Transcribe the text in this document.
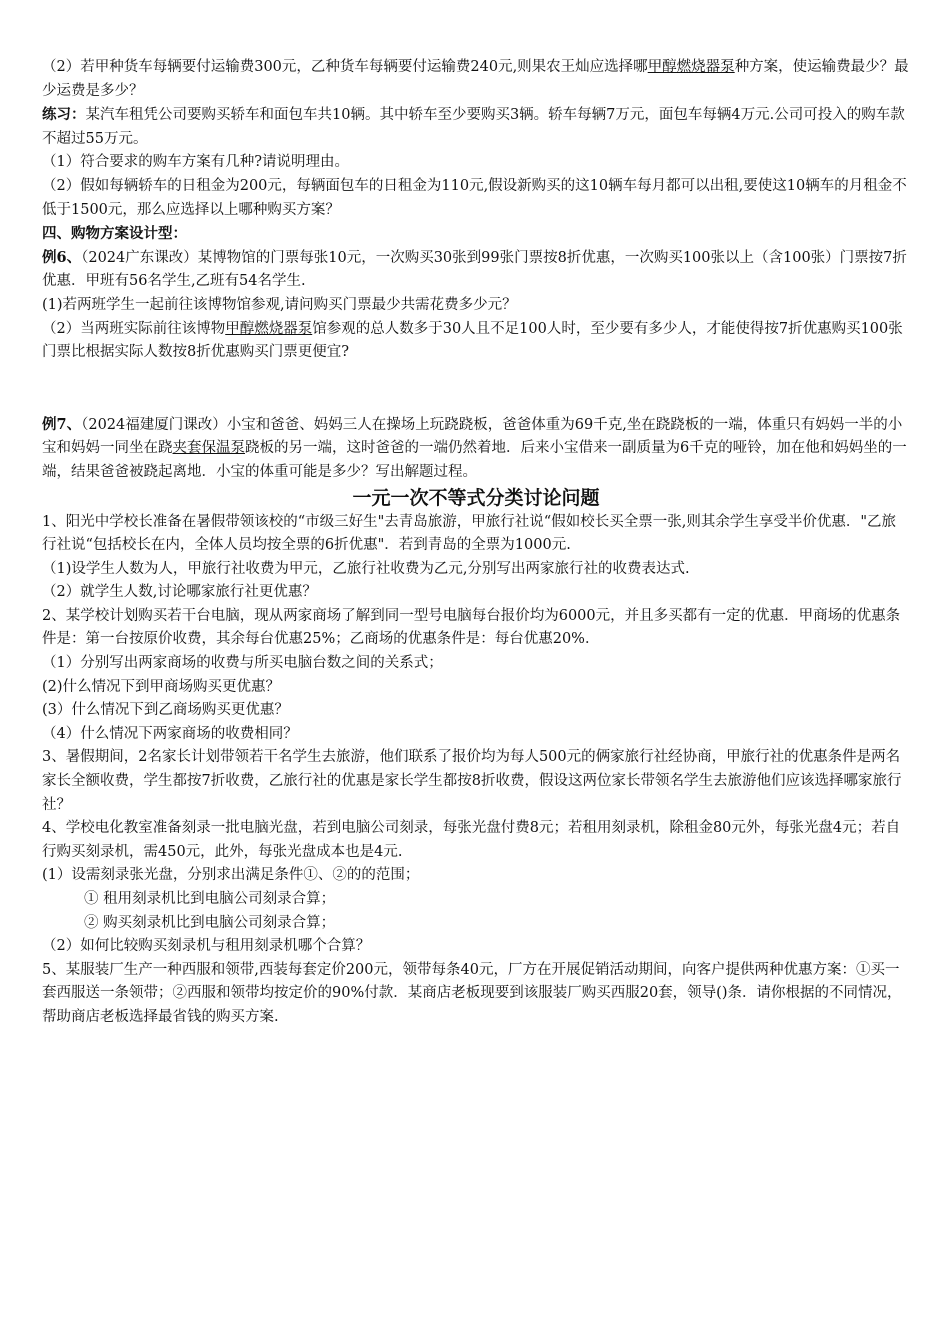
（2）若甲种货车每辆要付运输费300元，乙种货车每辆要付运输费240元,则果农王灿应选择哪甲醇燃烧器泵种方案，使运输费最少？最少运费是多少？

练习：某汽车租凭公司要购买轿车和面包车共10辆。其中轿车至少要购买3辆。轿车每辆7万元，面包车每辆4万元.公司可投入的购车款不超过55万元。

（1）符合要求的购车方案有几种?请说明理由。

（2）假如每辆轿车的日租金为200元，每辆面包车的日租金为110元,假设新购买的这10辆车每月都可以出租,要使这10辆车的月租金不低于1500元，那么应选择以上哪种购买方案？

四、购物方案设计型：

例6、（2024广东课改）某博物馆的门票每张10元，一次购买30张到99张门票按8折优惠，一次购买100张以上（含100张）门票按7折优惠．甲班有56名学生,乙班有54名学生.

(1)若两班学生一起前往该博物馆参观,请问购买门票最少共需花费多少元？

（2）当两班实际前往该博物甲醇燃烧器泵馆参观的总人数多于30人且不足100人时，至少要有多少人，才能使得按7折优惠购买100张门票比根据实际人数按8折优惠购买门票更便宜?

例7、（2024福建厦门课改）小宝和爸爸、妈妈三人在操场上玩跷跷板，爸爸体重为69千克,坐在跷跷板的一端，体重只有妈妈一半的小宝和妈妈一同坐在跷夹套保温泵跷板的另一端，这时爸爸的一端仍然着地．后来小宝借来一副质量为6千克的哑铃，加在他和妈妈坐的一端，结果爸爸被跷起离地．小宝的体重可能是多少？写出解题过程。

一元一次不等式分类讨论问题

1、阳光中学校长准备在暑假带领该校的“市级三好生"去青岛旅游，甲旅行社说“假如校长买全票一张,则其余学生享受半价优惠．"乙旅行社说“包括校长在内，全体人员均按全票的6折优惠"．若到青岛的全票为1000元.

（1)设学生人数为人，甲旅行社收费为甲元，乙旅行社收费为乙元,分别写出两家旅行社的收费表达式.

（2）就学生人数,讨论哪家旅行社更优惠？

2、某学校计划购买若干台电脑，现从两家商场了解到同一型号电脑每台报价均为6000元，并且多买都有一定的优惠．甲商场的优惠条件是：第一台按原价收费，其余每台优惠25%；乙商场的优惠条件是：每台优惠20%．

（1）分别写出两家商场的收费与所买电脑台数之间的关系式；

(2)什么情况下到甲商场购买更优惠？

(3）什么情况下到乙商场购买更优惠？

（4）什么情况下两家商场的收费相同？

3、暑假期间，2名家长计划带领若干名学生去旅游，他们联系了报价均为每人500元的俩家旅行社经协商，甲旅行社的优惠条件是两名家长全额收费，学生都按7折收费，乙旅行社的优惠是家长学生都按8折收费，假设这两位家长带领名学生去旅游他们应该选择哪家旅行社？

4、学校电化教室准备刻录一批电脑光盘，若到电脑公司刻录，每张光盘付费8元；若租用刻录机，除租金80元外，每张光盘4元；若自行购买刻录机，需450元，此外，每张光盘成本也是4元.

(1）设需刻录张光盘，分别求出满足条件①、②的的范围；

① 租用刻录机比到电脑公司刻录合算；

② 购买刻录机比到电脑公司刻录合算；

（2）如何比较购买刻录机与租用刻录机哪个合算？

5、某服装厂生产一种西服和领带,西装每套定价200元，领带每条40元，厂方在开展促销活动期间，向客户提供两种优惠方案：①买一套西服送一条领带；②西服和领带均按定价的90%付款．某商店老板现要到该服装厂购买西服20套，领导()条．请你根据的不同情况，帮助商店老板选择最省钱的购买方案.
